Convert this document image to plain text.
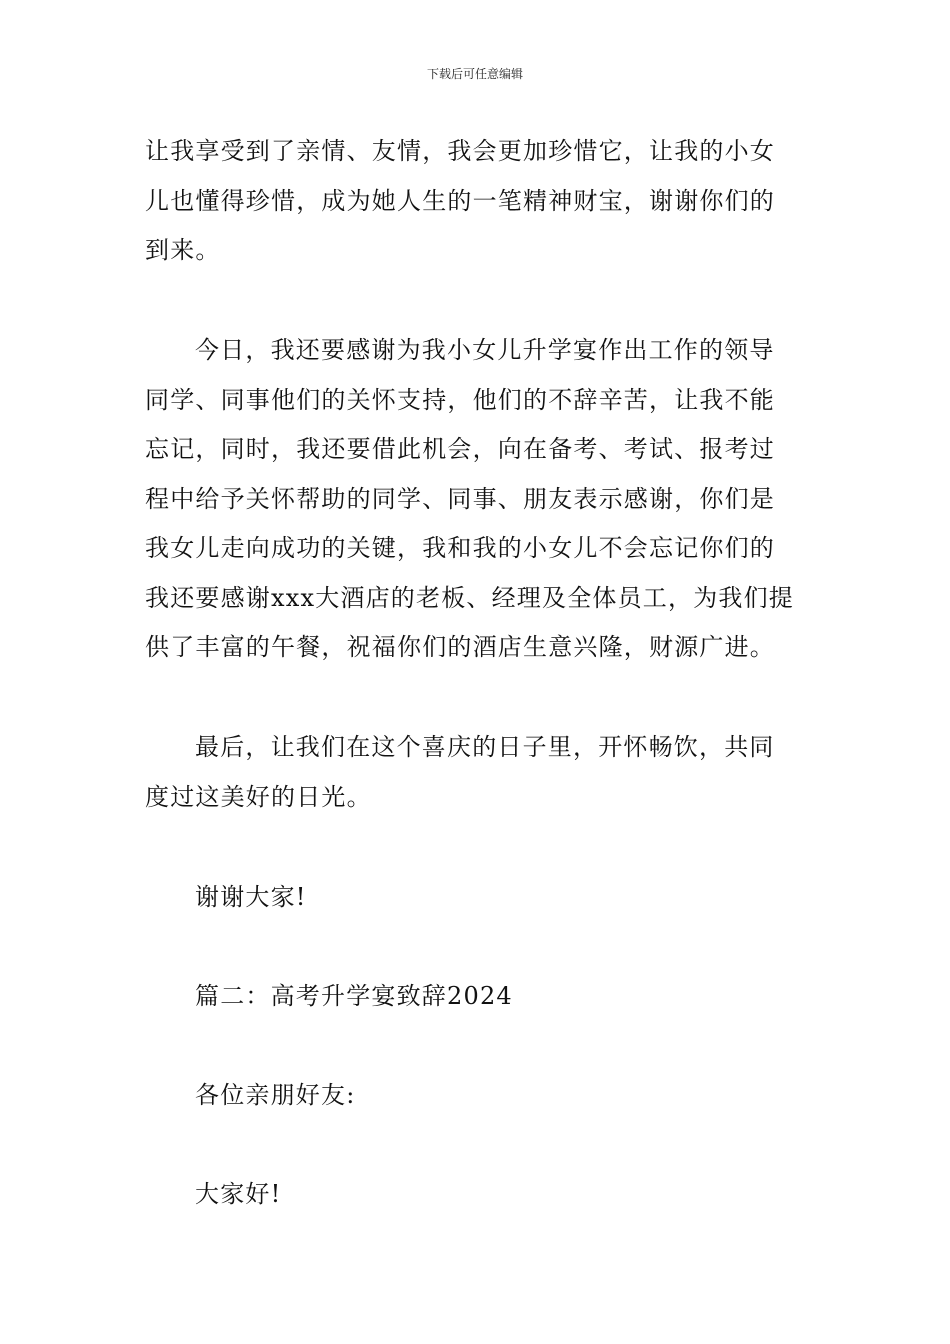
下载后可任意编辑
让我享受到了亲情、友情，我会更加珍惜它，让我的小女
儿也懂得珍惜，成为她人生的一笔精神财宝，谢谢你们的
到来。
今日，我还要感谢为我小女儿升学宴作出工作的领导
同学、同事他们的关怀支持，他们的不辞辛苦，让我不能
忘记，同时，我还要借此机会，向在备考、考试、报考过
程中给予关怀帮助的同学、同事、朋友表示感谢，你们是
我女儿走向成功的关键，我和我的小女儿不会忘记你们的
我还要感谢xxx大酒店的老板、经理及全体员工，为我们提
供了丰富的午餐，祝福你们的酒店生意兴隆，财源广进。
最后，让我们在这个喜庆的日子里，开怀畅饮，共同
度过这美好的日光。
谢谢大家!
篇二：高考升学宴致辞2024
各位亲朋好友:
大家好!
